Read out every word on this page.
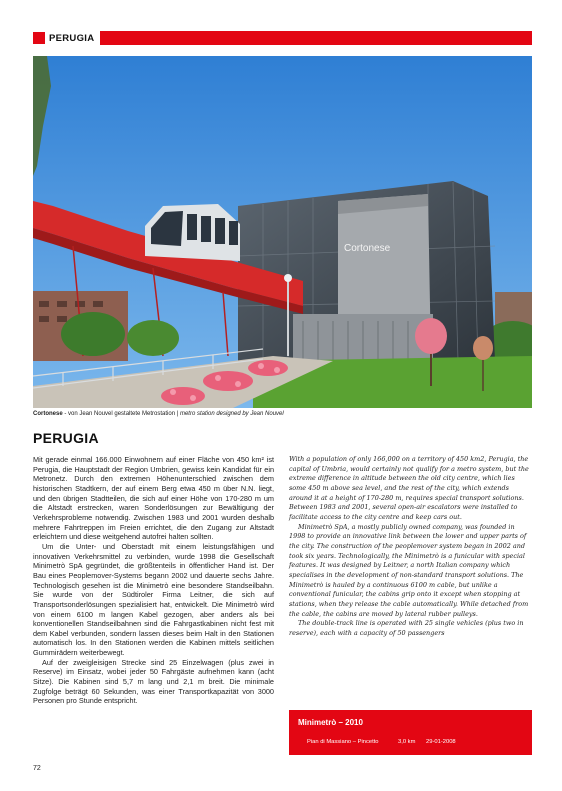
PERUGIA
Cortonese
Cortonese - von Jean Nouvel gestaltete Metrostation | metro station designed by Jean Nouvel
PERUGIA

Mit gerade einmal 166.000 Einwohnern auf einer Fläche von 450 km² ist Perugia, die Hauptstadt der Region Umbrien, gewiss kein Kandidat für ein Metronetz. Durch den extremen Höhenunterschied zwischen dem historischen Stadtkern, der auf einem Berg etwa 450 m über N.N. liegt, und den übrigen Stadtteilen, die sich auf einer Höhe von 170-280 m um die Altstadt erstrecken, waren Sonderlösungen zur Bewältigung der Verkehrsprobleme notwendig. Zwischen 1983 und 2001 wurden deshalb mehrere Fahrtreppen im Freien errichtet, die den Zugang zur Altstadt erleichtern und diese weitgehend autofrei halten sollten.

Um die Unter- und Oberstadt mit einem leistungsfähigen und innovativen Verkehrsmittel zu verbinden, wurde 1998 die Gesellschaft Minimetrò SpA gegründet, die größtenteils in öffentlicher Hand ist. Der Bau eines Peoplemover-Systems begann 2002 und dauerte sechs Jahre. Technologisch gesehen ist die Minimetrò eine besondere Standseilbahn. Sie wurde von der Südtiroler Firma Leitner, die sich auf Transportsonderlösungen spezialisiert hat, entwickelt. Die Minimetrò wird von einem 6100 m langen Kabel gezogen, aber anders als bei konventionellen Standseilbahnen sind die Fahrgastkabinen nicht fest mit dem Kabel verbunden, sondern lassen dieses beim Halt in den Stationen automatisch los. In den Stationen werden die Kabinen mittels seitlichen Gummirädern weiterbewegt.

Auf der zweigleisigen Strecke sind 25 Einzelwagen (plus zwei in Reserve) im Einsatz, wobei jeder 50 Fahrgäste aufnehmen kann (acht Sitze). Die Kabinen sind 5,7 m lang und 2,1 m breit. Die minimale Zugfolge beträgt 60 Sekunden, was einer Transportkapazität von 3000 Personen pro Stunde entspricht.

With a population of only 166,000 on a territory of 450 km2, Perugia, the capital of Umbria, would certainly not qualify for a metro system, but the extreme difference in altitude between the old city centre, which lies some 450 m above sea level, and the rest of the city, which extends around it at a height of 170-280 m, requires special transport solutions. Between 1983 and 2001, several open-air escalators were installed to facilitate access to the city centre and keep cars out.

Minimetrò SpA, a mostly publicly owned company, was founded in 1998 to provide an innovative link between the lower and upper parts of the city. The construction of the peoplemover system began in 2002 and took six years. Technologically, the Minimetrò is a funicular with special features. It was designed by Leitner, a north Italian company which specialises in the development of non-standard transport solutions. The Minimetrò is hauled by a continuous 6100 m cable, but unlike a conventional funicular, the cabins grip onto it except when stopping at stations, when they release the cable automatically. While detached from the cable, the cabins are moved by lateral rubber pulleys.

The double-track line is operated with 25 single vehicles (plus two in reserve), each with a capacity of 50 passengers

Minimetrò – 2010
Pian di Massiano – Pincetto	3,0 km	29-01-2008
72
